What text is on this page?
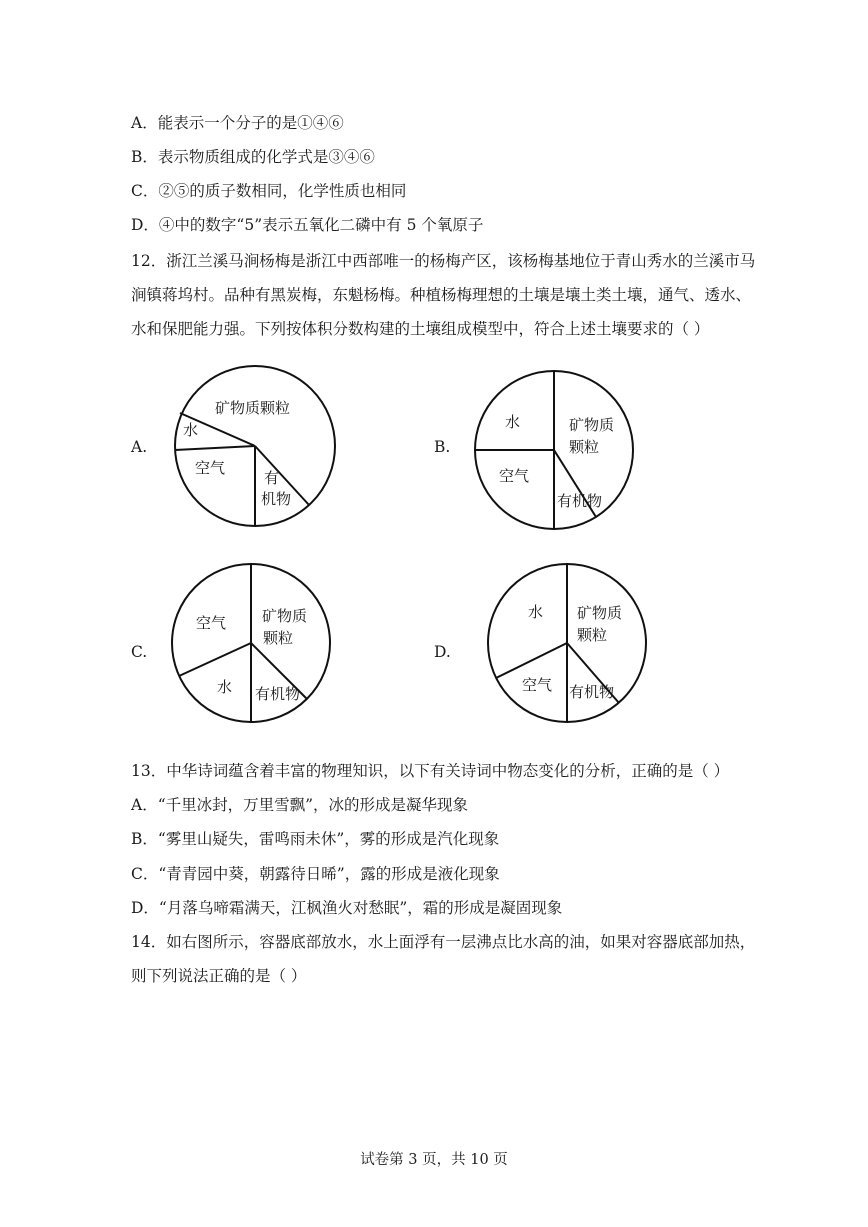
A．能表示一个分子的是①④⑥
B．表示物质组成的化学式是③④⑥
C．②⑤的质子数相同，化学性质也相同
D．④中的数字“5”表示五氧化二磷中有 5 个氧原子
12．浙江兰溪马涧杨梅是浙江中西部唯一的杨梅产区，该杨梅基地位于青山秀水的兰溪市马
涧镇蒋坞村。品种有黑炭梅，东魁杨梅。种植杨梅理想的土壤是壤土类土壤，通气、透水、
水和保肥能力强。下列按体积分数构建的土壤组成模型中，符合上述土壤要求的（ ）
A.
矿物质颗粒
水
空气
有
机物
B.
水	矿物质
颗粒
空气
有机物
C.
空气 矿物质
颗粒
水 有机物
D.
水 矿物质
颗粒
空气 有机物
13．中华诗词蕴含着丰富的物理知识，以下有关诗词中物态变化的分析，正确的是（ ）
A．“千里冰封，万里雪飘”，冰的形成是凝华现象
B．“雾里山疑失，雷鸣雨未休”，雾的形成是汽化现象
C．“青青园中葵，朝露待日晞”，露的形成是液化现象
D．“月落乌啼霜满天，江枫渔火对愁眠”，霜的形成是凝固现象
14．如右图所示，容器底部放水，水上面浮有一层沸点比水高的油，如果对容器底部加热，
则下列说法正确的是（ ）
试卷第 3 页，共 10 页
